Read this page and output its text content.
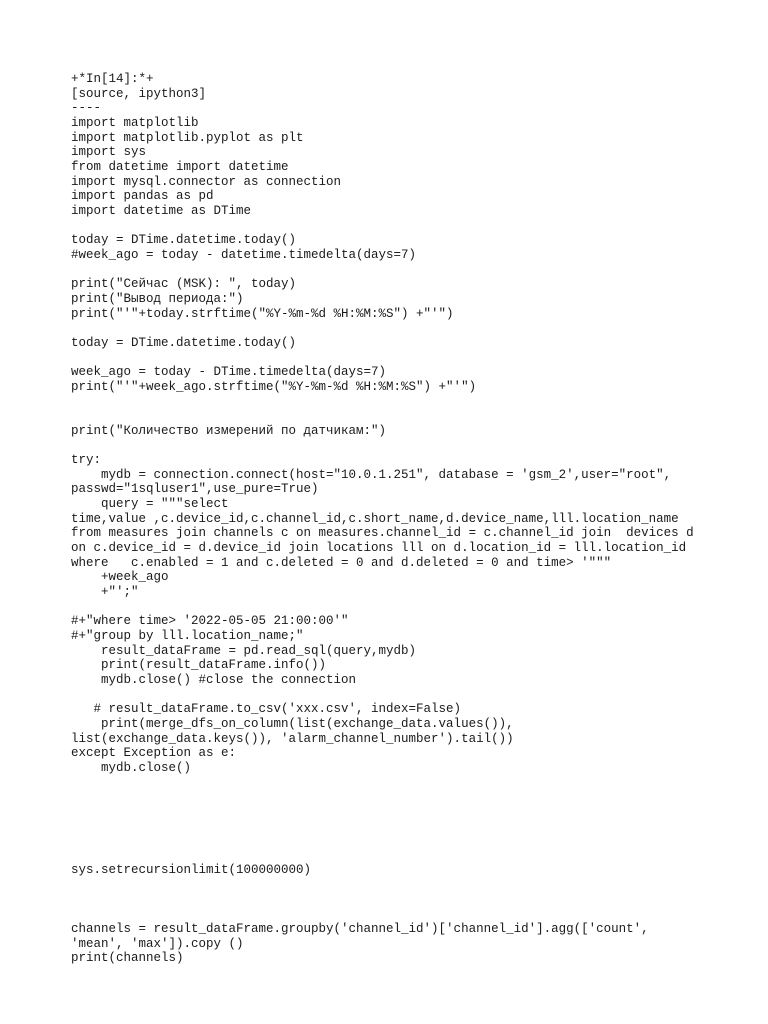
+*In[14]:*+
[source, ipython3]
----
import matplotlib
import matplotlib.pyplot as plt
import sys
from datetime import datetime
import mysql.connector as connection
import pandas as pd
import datetime as DTime
today = DTime.datetime.today()
#week_ago = today - datetime.timedelta(days=7)
print("Сейчас (MSK): ", today)
print("Вывод периода:")
print("'"+today.strftime("%Y-%m-%d %H:%M:%S") +"'")
today = DTime.datetime.today()
week_ago = today - DTime.timedelta(days=7)
print("'"+week_ago.strftime("%Y-%m-%d %H:%M:%S") +"'")
print("Количество измерений по датчикам:")
try:
mydb = connection.connect(host="10.0.1.251", database = 'gsm_2',user="root",
passwd="1sqluser1",use_pure=True)
query = """select
time,value ,c.device_id,c.channel_id,c.short_name,d.device_name,lll.location_name
from measures join channels c on measures.channel_id = c.channel_id join  devices d
on c.device_id = d.device_id join locations lll on d.location_id = lll.location_id
where   c.enabled = 1 and c.deleted = 0 and d.deleted = 0 and time> '"""
+week_ago
+"';"
#+"where time> '2022-05-05 21:00:00'"
#+"group by lll.location_name;"
result_dataFrame = pd.read_sql(query,mydb)
print(result_dataFrame.info())
mydb.close() #close the connection
# result_dataFrame.to_csv('xxx.csv', index=False)
print(merge_dfs_on_column(list(exchange_data.values()),
list(exchange_data.keys()), 'alarm_channel_number').tail())
except Exception as e:
mydb.close()
sys.setrecursionlimit(100000000)
channels = result_dataFrame.groupby('channel_id')['channel_id'].agg(['count',
'mean', 'max']).copy ()
print(channels)
